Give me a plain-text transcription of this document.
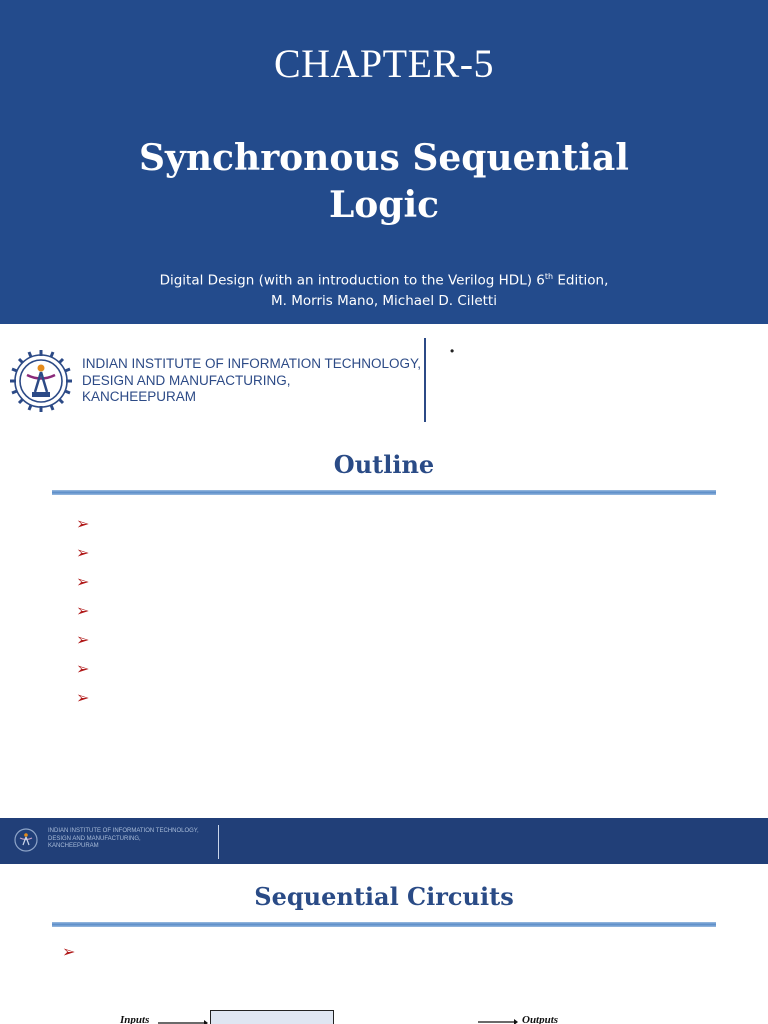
CHAPTER-5
Synchronous Sequential
Logic
Digital Design (with an introduction to the Verilog HDL) 6th Edition,
M. Morris Mano, Michael D. Ciletti
INDIAN INSTITUTE OF INFORMATION TECHNOLOGY,
DESIGN AND MANUFACTURING,
KANCHEEPURAM
•
Outline
➢
➢
➢
➢
➢
➢
➢
INDIAN INSTITUTE OF INFORMATION TECHNOLOGY,
DESIGN AND MANUFACTURING,
KANCHEEPURAM
Sequential Circuits
➢
Inputs	Outputs
